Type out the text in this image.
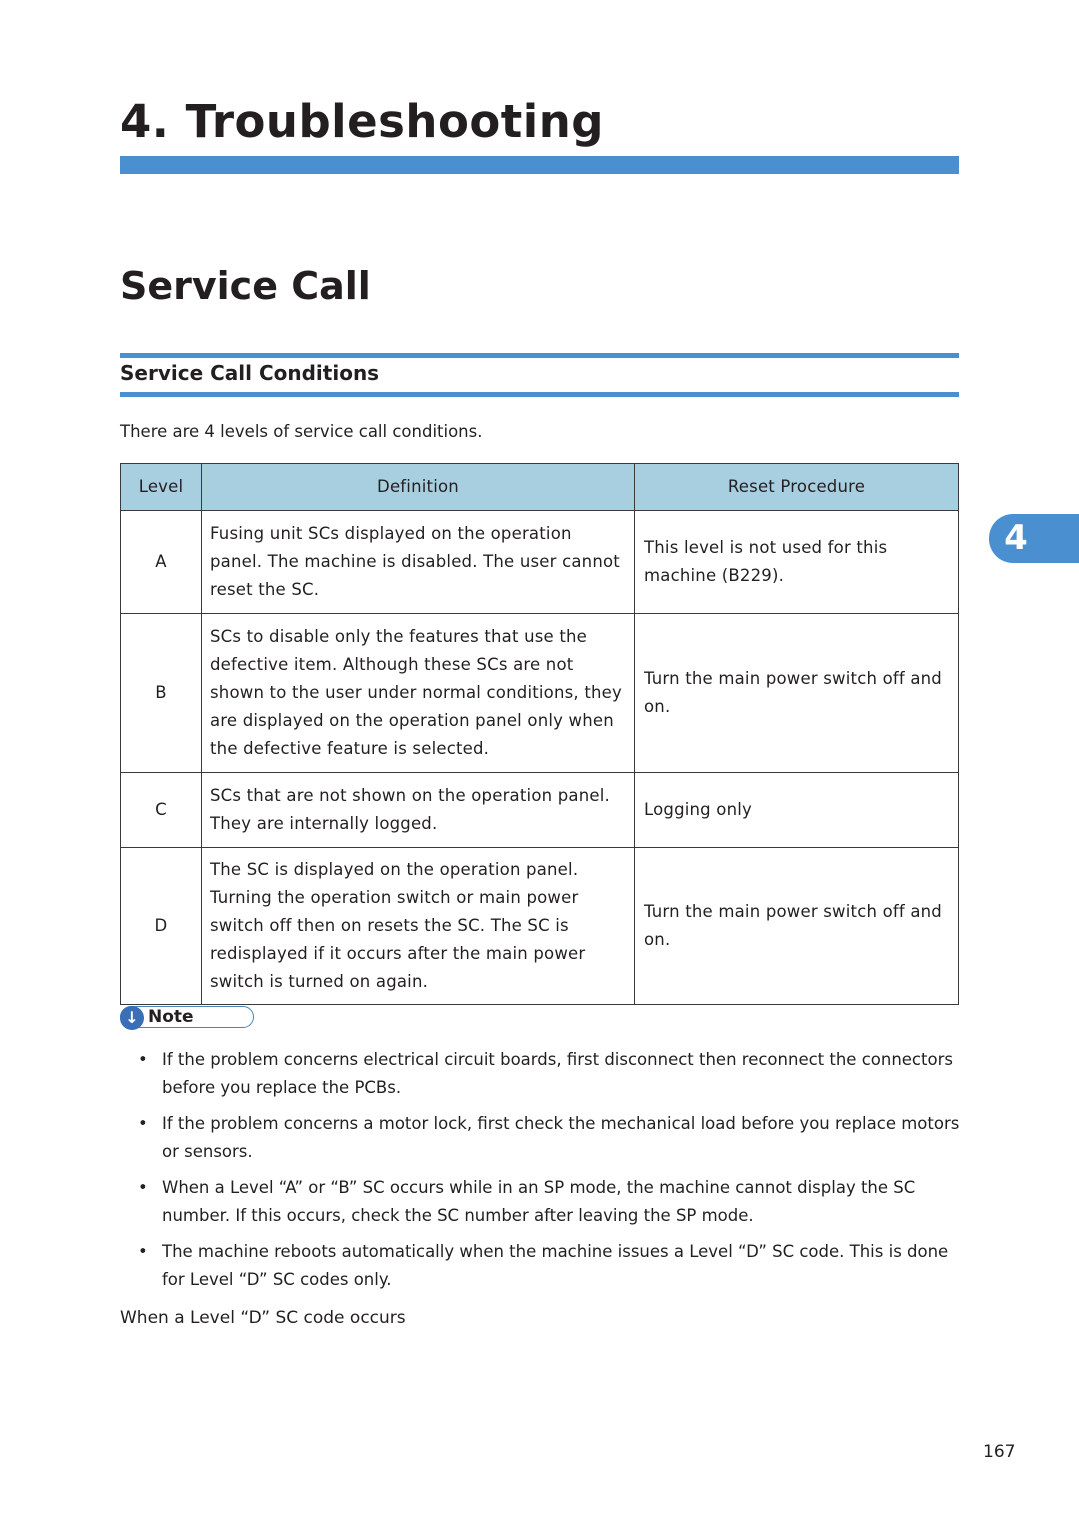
4. Troubleshooting
4
Service Call
Service Call Conditions

There are 4 levels of service call conditions.

Level	Definition	Reset Procedure
A	Fusing unit SCs displayed on the operation panel. The machine is disabled. The user cannot reset the SC.	This level is not used for this machine (B229).
B	SCs to disable only the features that use the defective item. Although these SCs are not shown to the user under normal conditions, they are displayed on the operation panel only when the defective feature is selected.	Turn the main power switch off and on.
C	SCs that are not shown on the operation panel. They are internally logged.	Logging only
D	The SC is displayed on the operation panel. Turning the operation switch or main power switch off then on resets the SC. The SC is redisplayed if it occurs after the main power switch is turned on again.	Turn the main power switch off and on.
↓ Note
• If the problem concerns electrical circuit boards, first disconnect then reconnect the connectors before you replace the PCBs.
• If the problem concerns a motor lock, first check the mechanical load before you replace motors or sensors.
• When a Level “A” or “B” SC occurs while in an SP mode, the machine cannot display the SC number. If this occurs, check the SC number after leaving the SP mode.
• The machine reboots automatically when the machine issues a Level “D” SC code. This is done for Level “D” SC codes only.

When a Level “D” SC code occurs

167
